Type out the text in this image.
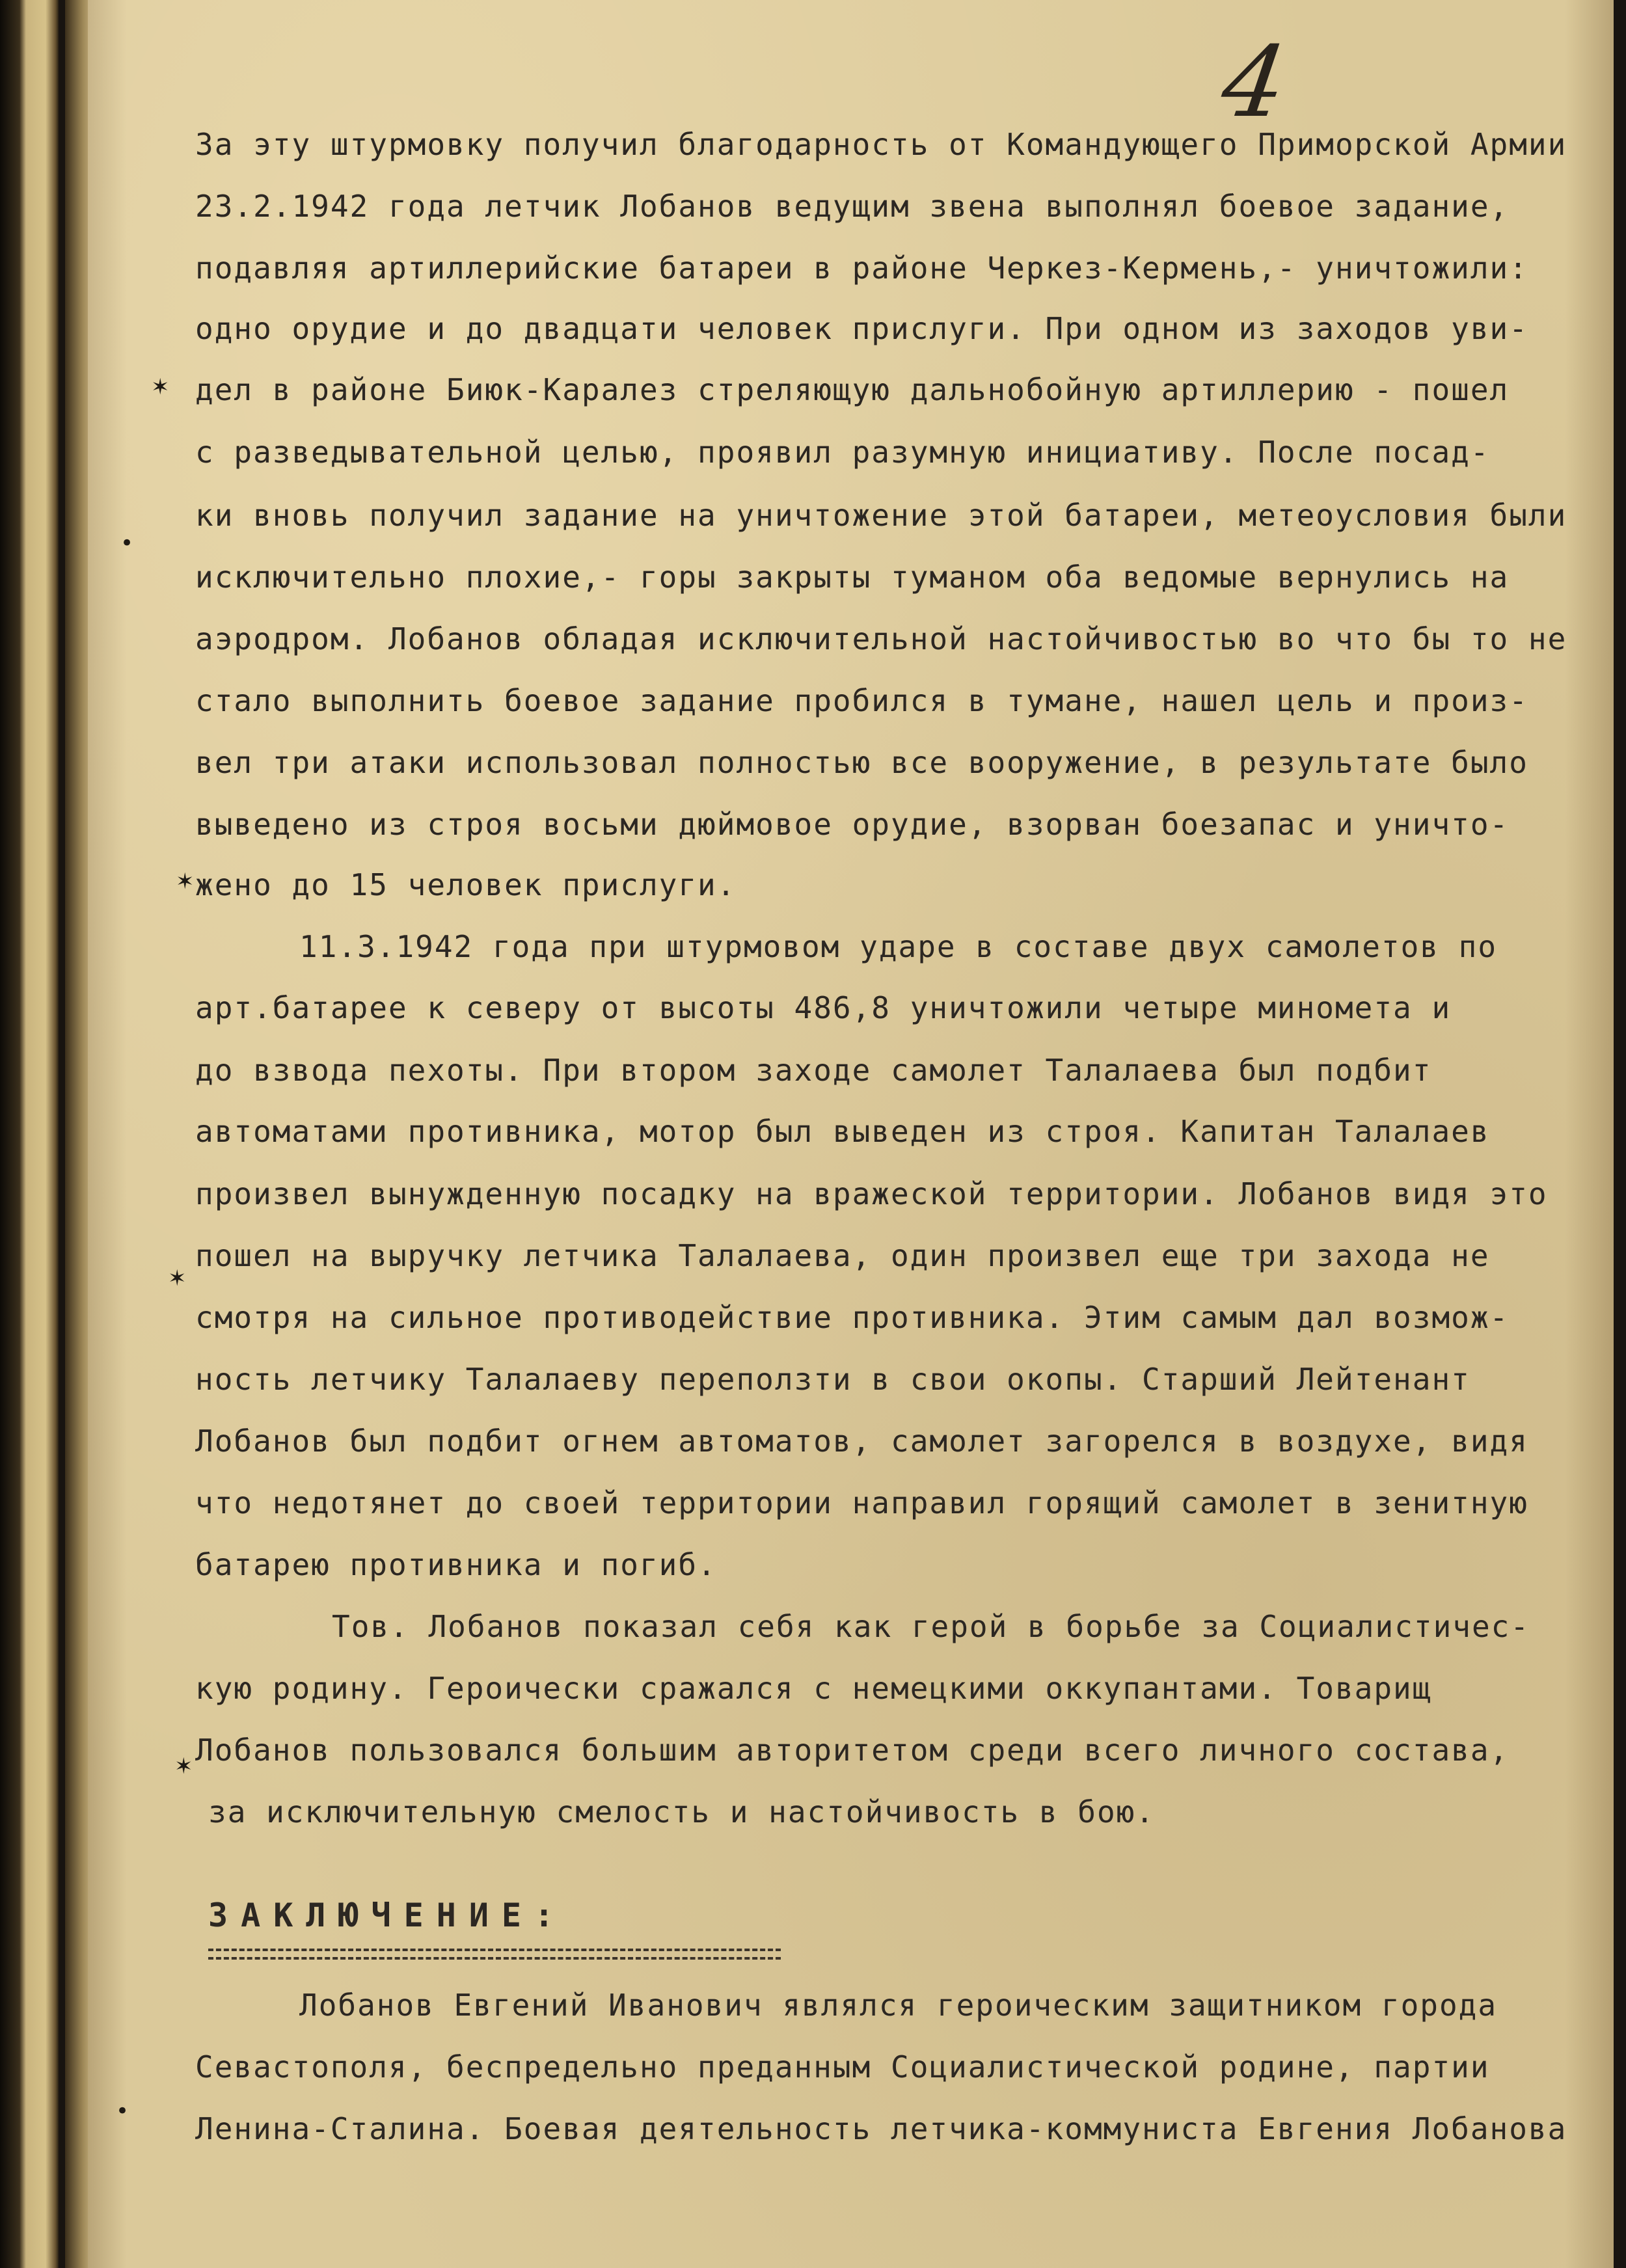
4
✶
•
✶
✶
✶
•
За эту штурмовку получил благодарность от Командующего Приморской Армии
23.2.1942 года летчик Лобанов ведущим звена выполнял боевое задание,
подавляя артиллерийские батареи в районе Черкез-Кермень,- уничтожили:
одно орудие и до двадцати человек прислуги. При одном из заходов уви-
дел в районе Биюк-Каралез стреляющую дальнобойную артиллерию - пошел
с разведывательной целью, проявил разумную инициативу. После посад-
ки вновь получил задание на уничтожение этой батареи, метеоусловия были
исключительно плохие,- горы закрыты туманом оба ведомые вернулись на
аэродром. Лобанов обладая исключительной настойчивостью во что бы то не
стало выполнить боевое задание пробился в тумане, нашел цель и произ-
вел три атаки использовал полностью все вооружение, в результате было
выведено из строя восьми дюймовое орудие, взорван боезапас и уничто-
жено до 15 человек прислуги.
11.3.1942 года при штурмовом ударе в составе двух самолетов по
арт.батарее к северу от высоты 486,8 уничтожили четыре миномета и
до взвода пехоты. При втором заходе самолет Талалаева был подбит
автоматами противника, мотор был выведен из строя. Капитан Талалаев
произвел вынужденную посадку на вражеской территории. Лобанов видя это
пошел на выручку летчика Талалаева, один произвел еще три захода не
смотря на сильное противодействие противника. Этим самым дал возмож-
ность летчику Талалаеву переползти в свои окопы. Старший Лейтенант
Лобанов был подбит огнем автоматов, самолет загорелся в воздухе, видя
что недотянет до своей территории направил горящий самолет в зенитную
батарею противника и погиб.
Тов. Лобанов показал себя как герой в борьбе за Социалистичес-
кую родину. Героически сражался с немецкими оккупантами. Товарищ
Лобанов пользовался большим авторитетом среди всего личного состава,
за исключительную смелость и настойчивость в бою.
ЗАКЛЮЧЕНИЕ:
Лобанов Евгений Иванович являлся героическим защитником города
Севастополя, беспредельно преданным Социалистической родине, партии
Ленина-Сталина. Боевая деятельность летчика-коммуниста Евгения Лобанова
